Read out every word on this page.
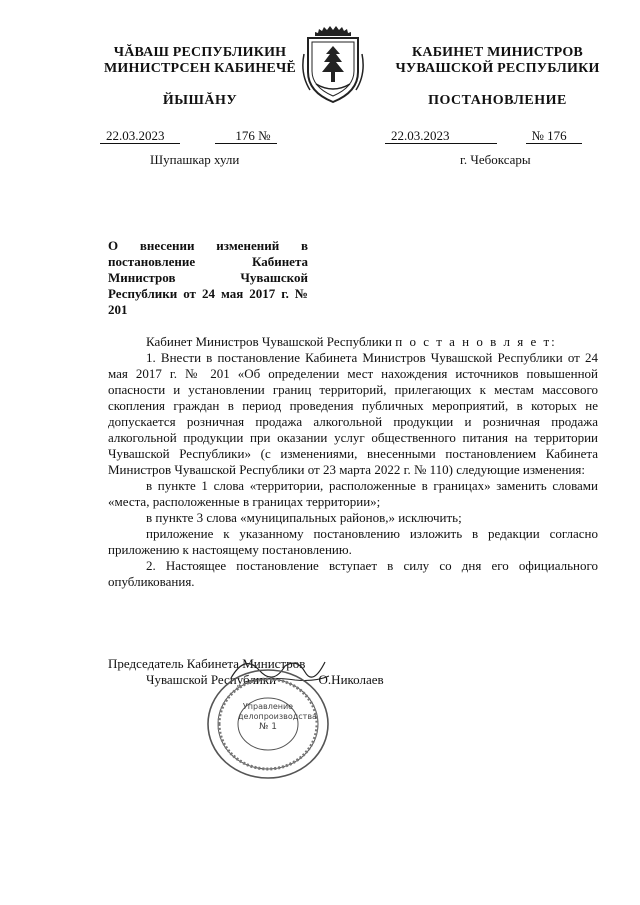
ЧĂВАШ РЕСПУБЛИКИН
МИНИСТРСЕН КАБИНЕЧĔ
ЙЫШĂНУ
КАБИНЕТ МИНИСТРОВ
ЧУВАШСКОЙ РЕСПУБЛИКИ
ПОСТАНОВЛЕНИЕ
22.03.2023	176 №
Шупашкар хули
22.03.2023	№ 176
г. Чебоксары
О внесении изменений в постановление Кабинета Министров Чувашской Республики от 24 мая 2017 г. № 201

Кабинет Министров Чувашской Республики п о с т а н о в л я е т:

1. Внести в постановление Кабинета Министров Чувашской Республики от 24 мая 2017 г. № 201 «Об определении мест нахождения источников повышенной опасности и установлении границ территорий, прилегающих к местам массового скопления граждан в период проведения публичных мероприятий, в которых не допускается розничная продажа алкогольной продукции и розничная продажа алкогольной продукции при оказании услуг общественного питания на территории Чувашской Республики» (с изменениями, внесенными постановлением Кабинета Министров Чувашской Республики от 23 марта 2022 г. № 110) следующие изменения:

в пункте 1 слова «территории, расположенные в границах» заменить словами «места, расположенные в границах территории»;

в пункте 3 слова «муниципальных районов,» исключить;

приложение к указанному постановлению изложить в редакции согласно приложению к настоящему постановлению.

2. Настоящее постановление вступает в силу со дня его официального опубликования.

Председатель Кабинета Министров
Чувашской Республики	О.Николаев
Управление
делопроизводства
№ 1
